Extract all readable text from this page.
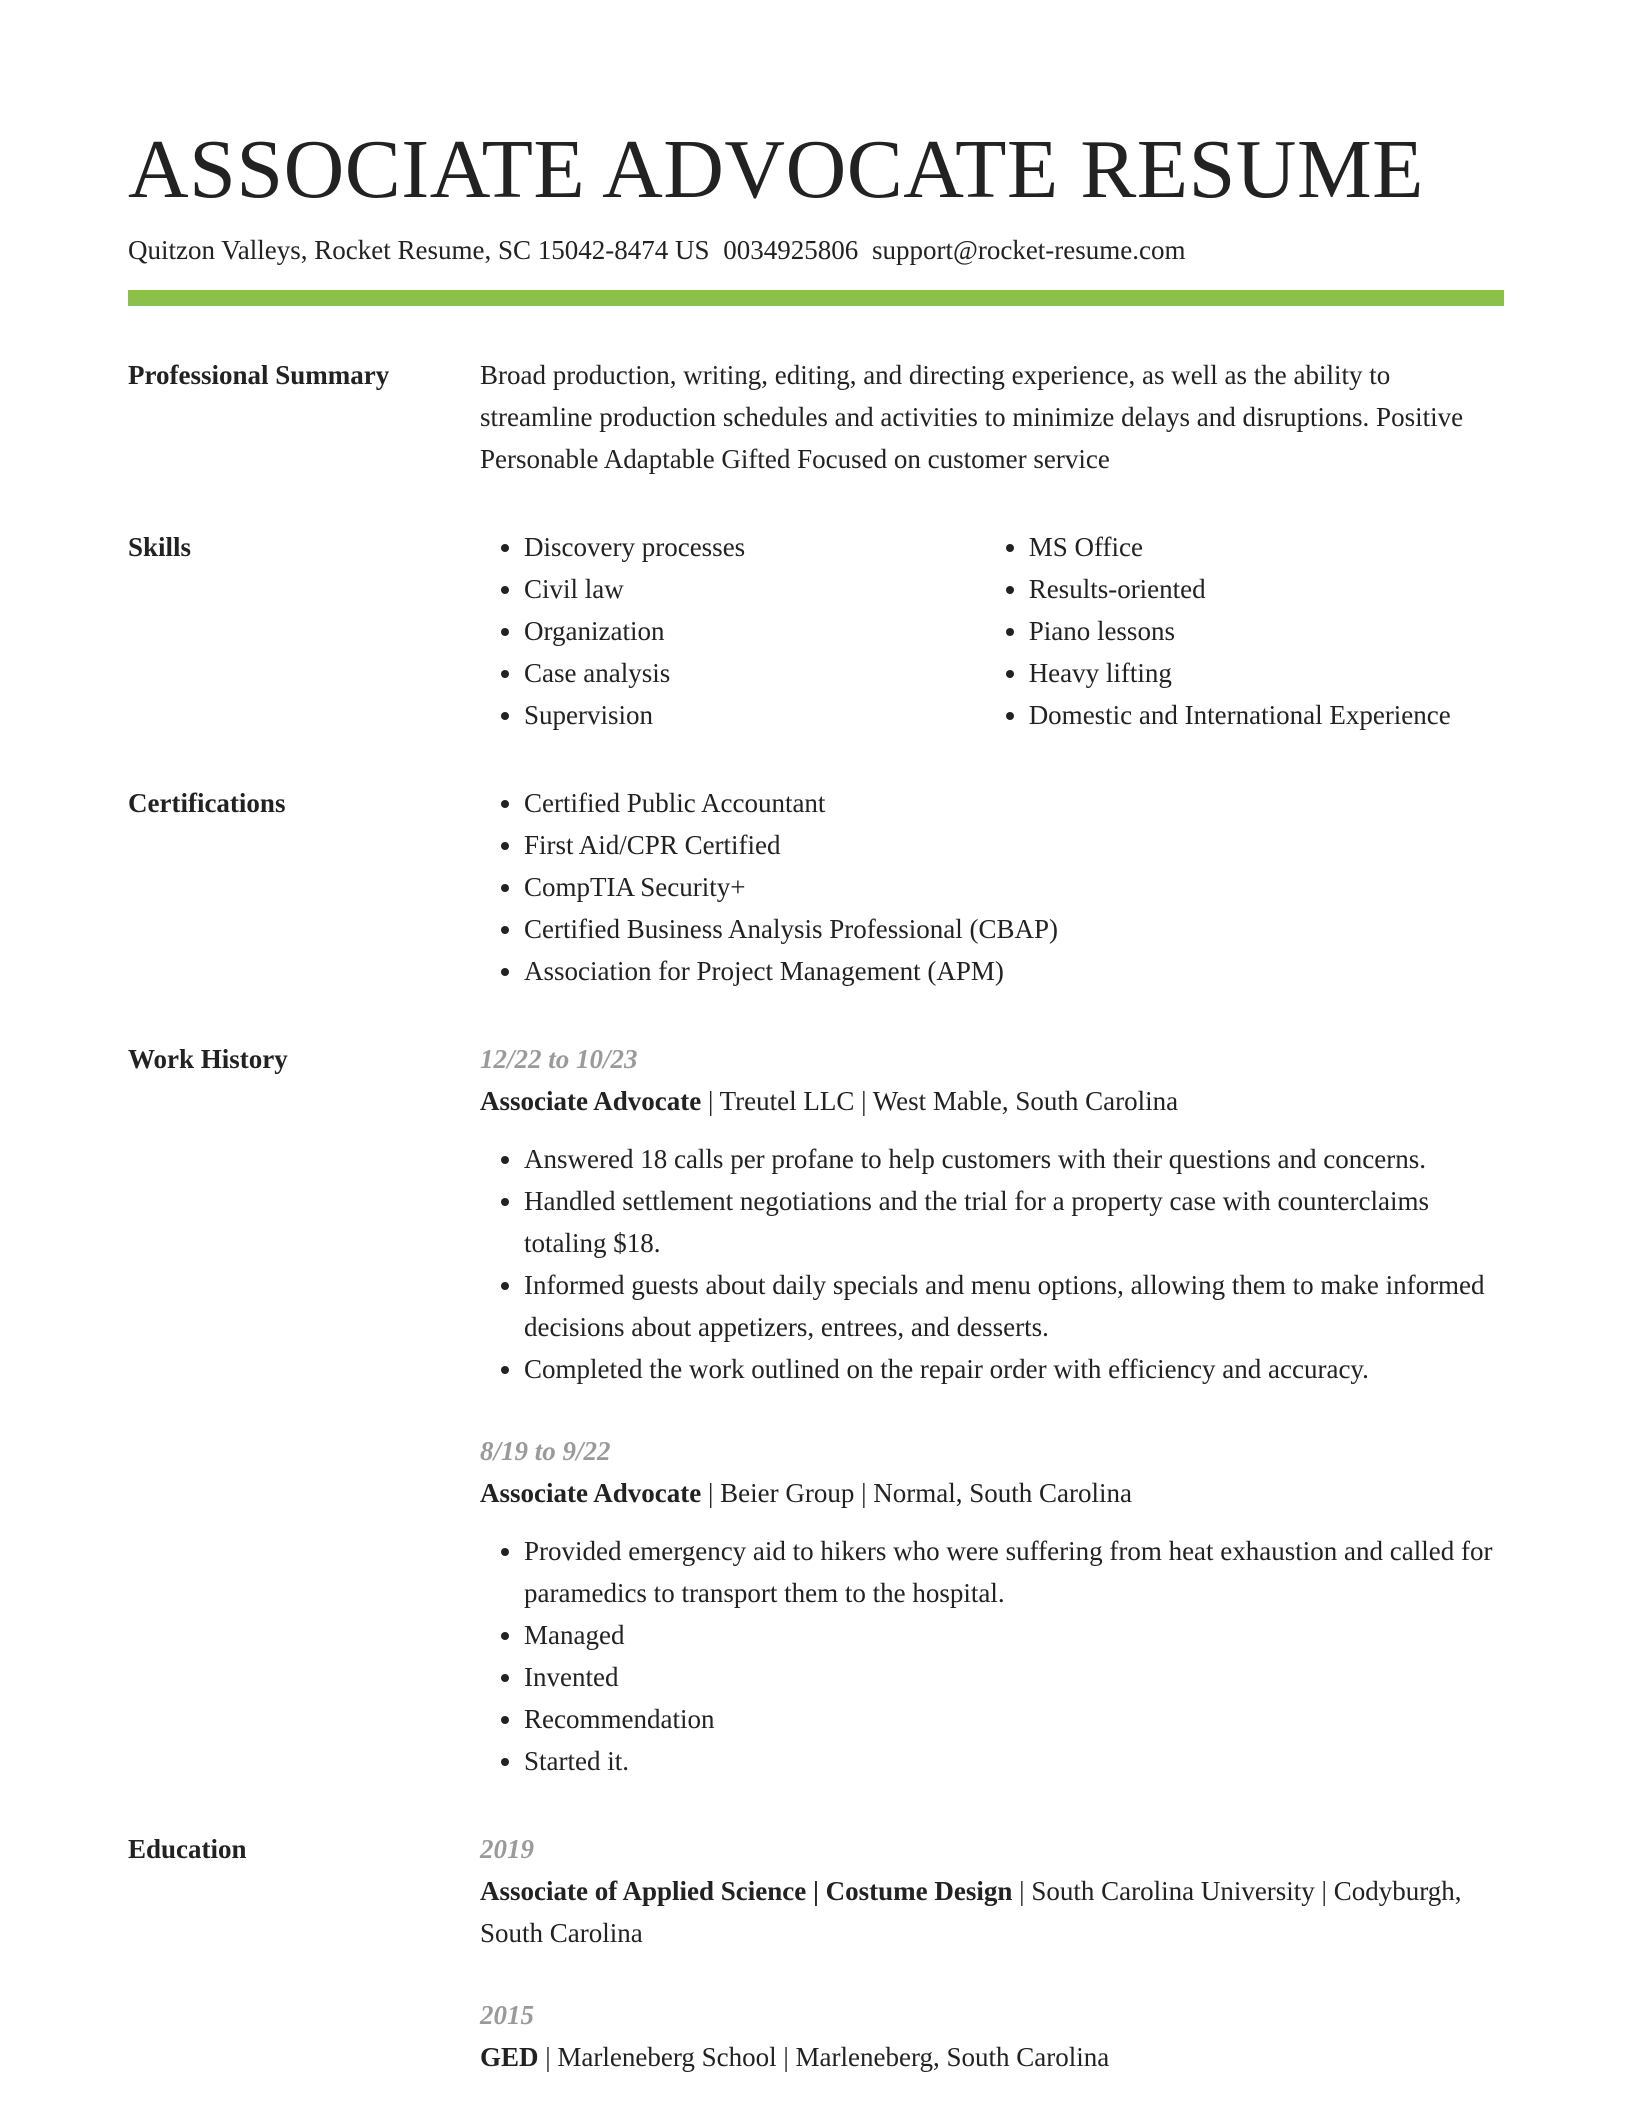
ASSOCIATE ADVOCATE RESUME
Quitzon Valleys, Rocket Resume, SC 15042-8474 US 0034925806 support@rocket-resume.com
Professional Summary	Broad production, writing, editing, and directing experience, as well as the ability to streamline production schedules and activities to minimize delays and disruptions. Positive Personable Adaptable Gifted Focused on customer service

Skills	• Discovery processes
• Civil law
• Organization
• Case analysis
• Supervision
• MS Office
• Results-oriented
• Piano lessons
• Heavy lifting
• Domestic and International Experience
Certifications	• Certified Public Accountant
• First Aid/CPR Certified
• CompTIA Security+
• Certified Business Analysis Professional (CBAP)
• Association for Project Management (APM)
Work History	12/22 to 10/23
Associate Advocate | Treutel LLC | West Mable, South Carolina
• Answered 18 calls per profane to help customers with their questions and concerns.
• Handled settlement negotiations and the trial for a property case with counterclaims totaling $18.
• Informed guests about daily specials and menu options, allowing them to make informed decisions about appetizers, entrees, and desserts.
• Completed the work outlined on the repair order with efficiency and accuracy.
8/19 to 9/22
Associate Advocate | Beier Group | Normal, South Carolina
• Provided emergency aid to hikers who were suffering from heat exhaustion and called for paramedics to transport them to the hospital.
• Managed
• Invented
• Recommendation
• Started it.
Education	2019
Associate of Applied Science | Costume Design | South Carolina University | Codyburgh, South Carolina
2015
GED | Marleneberg School | Marleneberg, South Carolina
